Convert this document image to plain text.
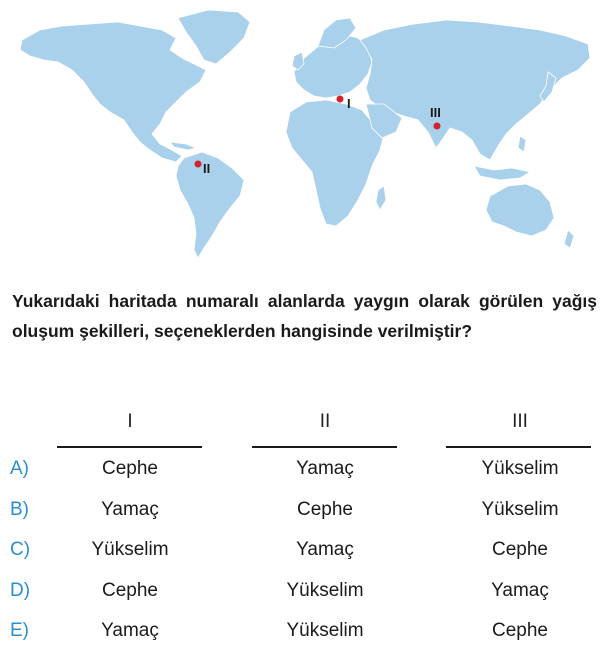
I
II
III

Yukarıdaki haritada numaralı alanlarda yaygın olarak görülen yağış oluşum şekilleri, seçeneklerden hangisinde verilmiştir?

I	II	III
A)	Cephe	Yamaç	Yükselim
B)	Yamaç	Cephe	Yükselim
C)	Yükselim	Yamaç	Cephe
D)	Cephe	Yükselim	Yamaç
E)	Yamaç	Yükselim	Cephe
